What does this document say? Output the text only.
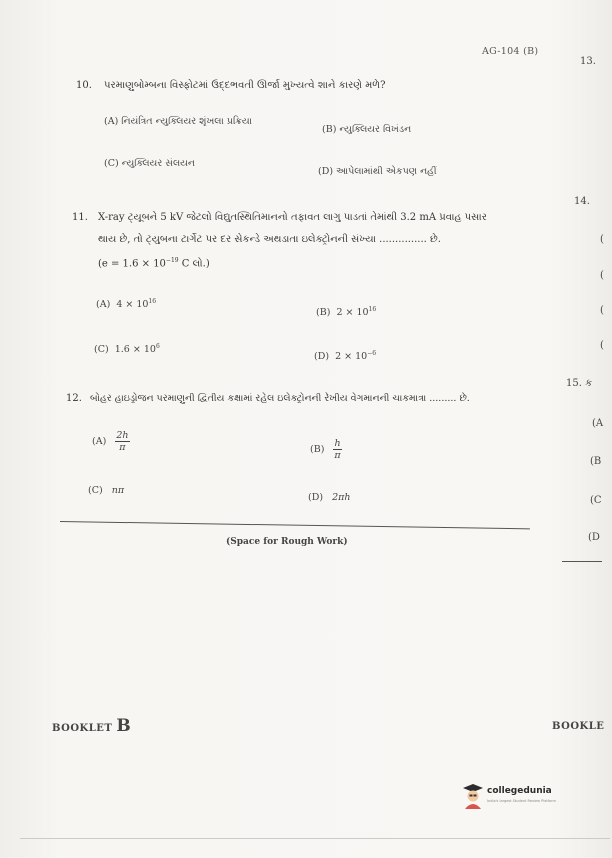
AG-104 (B)
13.
10. પરમાણુબોમ્બના વિસ્ફોટમાં ઉદ્દભવતી ઊર્જા મુખ્યત્વે શાને કારણે મળે?
(A) નિયંત્રિત ન્યુક્લિયર શૃંખલા પ્રક્રિયા
(B) ન્યુક્લિયર વિખંડન
(C) ન્યુક્લિયર સંલયન
(D) આપેલામાંથી એકપણ નહીં
14.
(
(
(
(
11. X-ray ટ્યૂબને 5 kV જેટલો વિદ્યુતસ્થિતિમાનનો તફાવત લાગુ પાડતાં તેમાંથી 3.2 mA પ્રવાહ પસાર
થાય છે, તો ટ્યુબના ટાર્ગેટ પર દર સેકન્ડે અથડાતા ઇલેક્ટ્રોનની સંખ્યા ............... છે.
($e = 1.6 \times 10^{-19}$ C લો.)
(A) $4 \times 10^{16}$
(B) $2 \times 10^{16}$
(C) $1.6 \times 10^6$
(D) $2 \times 10^{-6}$
15. ક
(A
(B
(C
(D
12. બોહર હાઇડ્રોજન પરમાણુની દ્વિતીય કક્ષામાં રહેલ ઇલેક્ટ્રોનની રેખીય વેગમાનની ચાકમાત્રા ......... છે.
$(A) \frac{2h}{\pi}$	$(B) \frac{h}{\pi}$
(C) nπ
(D) 2πh
(Space for Rough Work)
BOOKLET B	BOOKLE
collegedunia
India's largest Student Review Platform
